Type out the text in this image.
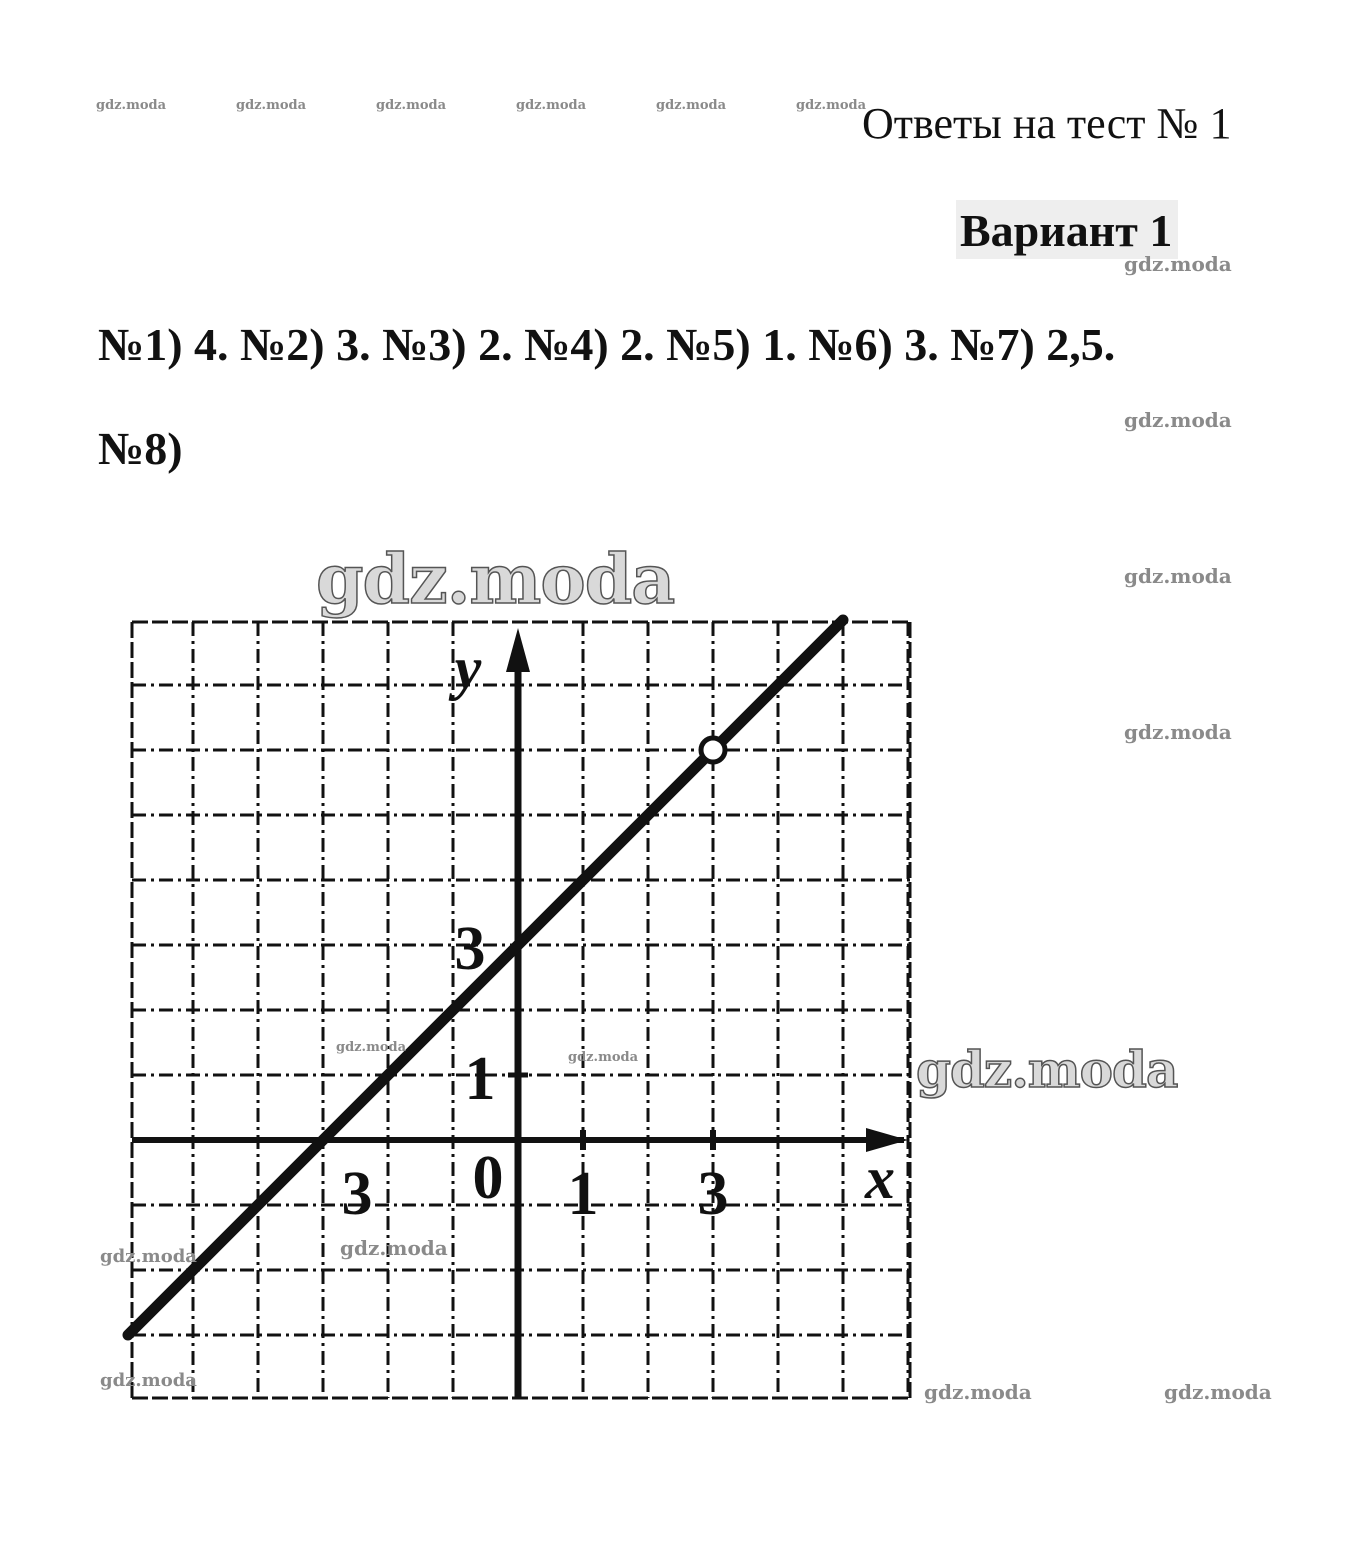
gdz.moda	gdz.moda	gdz.moda	gdz.moda	gdz.moda	gdz.moda
Ответы на тест № 1
Вариант 1
№1) 4. №2) 3. №3) 2. №4) 2. №5) 1. №6) 3. №7) 2,5.
№8)
gdz.moda
gdz.moda
gdz.moda
gdz.moda
3 0 1 3
3
1
x
y
gdz.moda
gdz.moda
gdz.moda
gdz.moda
gdz.moda
gdz.moda
gdz.moda	gdz.moda	gdz.moda
